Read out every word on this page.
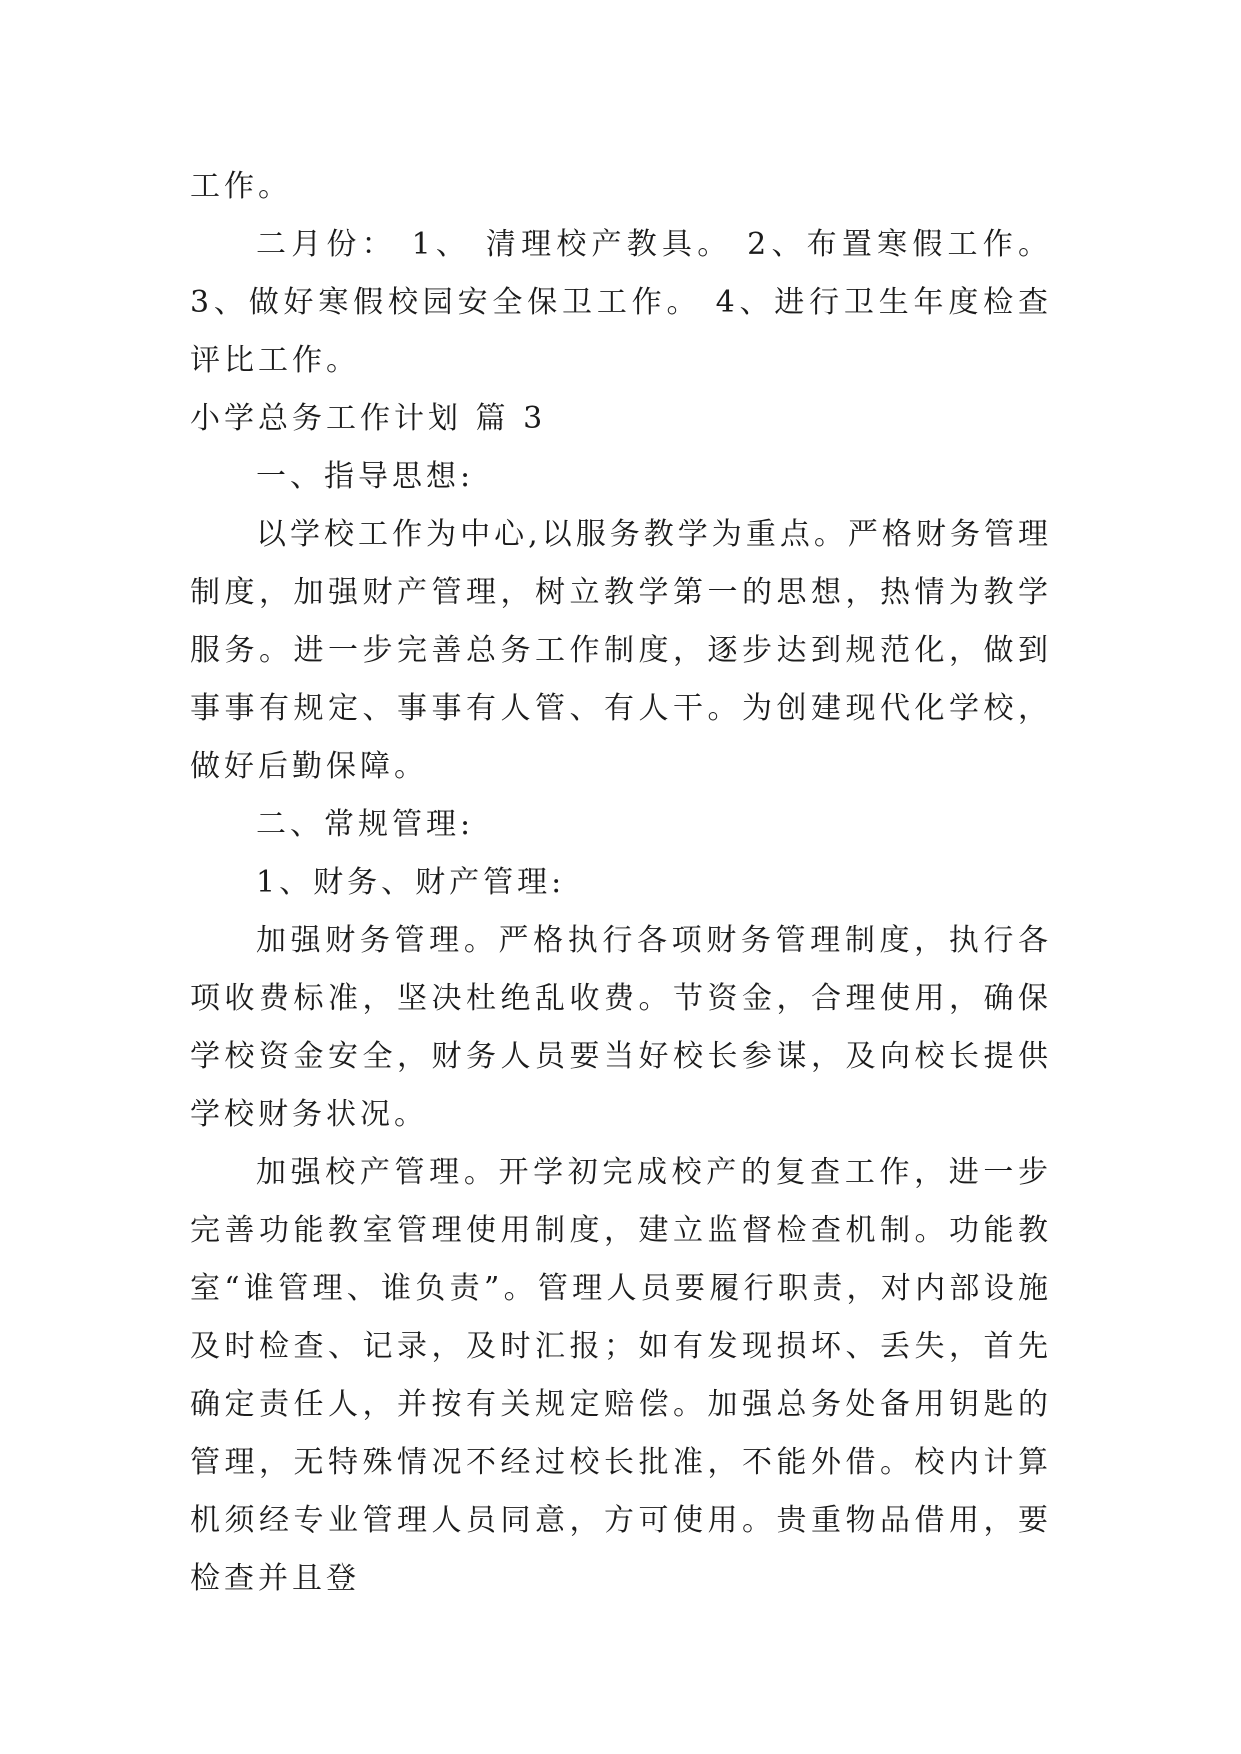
工作。

二月份： 1、 清理校产教具。 2、布置寒假工作。 3、做好寒假校园安全保卫工作。 4、进行卫生年度检查评比工作。

小学总务工作计划 篇 3

一、指导思想:

以学校工作为中心,以服务教学为重点。严格财务管理制度，加强财产管理，树立教学第一的思想，热情为教学服务。进一步完善总务工作制度，逐步达到规范化，做到事事有规定、事事有人管、有人干。为创建现代化学校，做好后勤保障。

二、常规管理:

1、财务、财产管理:

加强财务管理。严格执行各项财务管理制度，执行各项收费标准，坚决杜绝乱收费。节资金，合理使用，确保学校资金安全，财务人员要当好校长参谋，及向校长提供学校财务状况。

加强校产管理。开学初完成校产的复查工作，进一步完善功能教室管理使用制度，建立监督检查机制。功能教室“谁管理、谁负责”。管理人员要履行职责，对内部设施及时检查、记录，及时汇报；如有发现损坏、丢失，首先确定责任人，并按有关规定赔偿。加强总务处备用钥匙的管理，无特殊情况不经过校长批准，不能外借。校内计算机须经专业管理人员同意，方可使用。贵重物品借用，要检查并且登
